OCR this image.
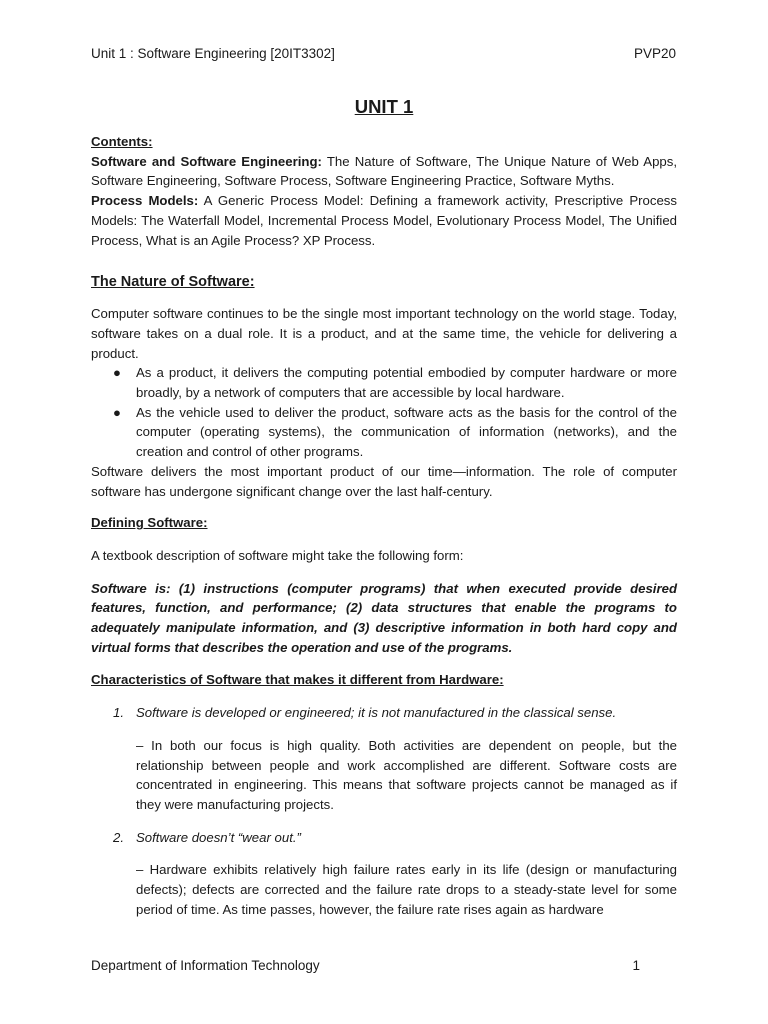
Unit 1 : Software Engineering [20IT3302]	PVP20
UNIT 1
Contents:

Software and Software Engineering: The Nature of Software, The Unique Nature of Web Apps, Software Engineering, Software Process, Software Engineering Practice, Software Myths.

Process Models: A Generic Process Model: Defining a framework activity, Prescriptive Process Models: The Waterfall Model, Incremental Process Model, Evolutionary Process Model, The Unified Process, What is an Agile Process? XP Process.

The Nature of Software:

Computer software continues to be the single most important technology on the world stage. Today, software takes on a dual role. It is a product, and at the same time, the vehicle for delivering a product.

● As a product, it delivers the computing potential embodied by computer hardware or more broadly, by a network of computers that are accessible by local hardware.
● As the vehicle used to deliver the product, software acts as the basis for the control of the computer (operating systems), the communication of information (networks), and the creation and control of other programs.

Software delivers the most important product of our time—information. The role of computer software has undergone significant change over the last half-century.

Defining Software:

A textbook description of software might take the following form:

Software is: (1) instructions (computer programs) that when executed provide desired features, function, and performance; (2) data structures that enable the programs to adequately manipulate information, and (3) descriptive information in both hard copy and virtual forms that describes the operation and use of the programs.

Characteristics of Software that makes it different from Hardware:
1. Software is developed or engineered; it is not manufactured in the classical sense.

– In both our focus is high quality. Both activities are dependent on people, but the relationship between people and work accomplished are different. Software costs are concentrated in engineering. This means that software projects cannot be managed as if they were manufacturing projects.

2. Software doesn’t “wear out.”

– Hardware exhibits relatively high failure rates early in its life (design or manufacturing defects); defects are corrected and the failure rate drops to a steady-state level for some period of time. As time passes, however, the failure rate rises again as hardware

Department of Information Technology	1
